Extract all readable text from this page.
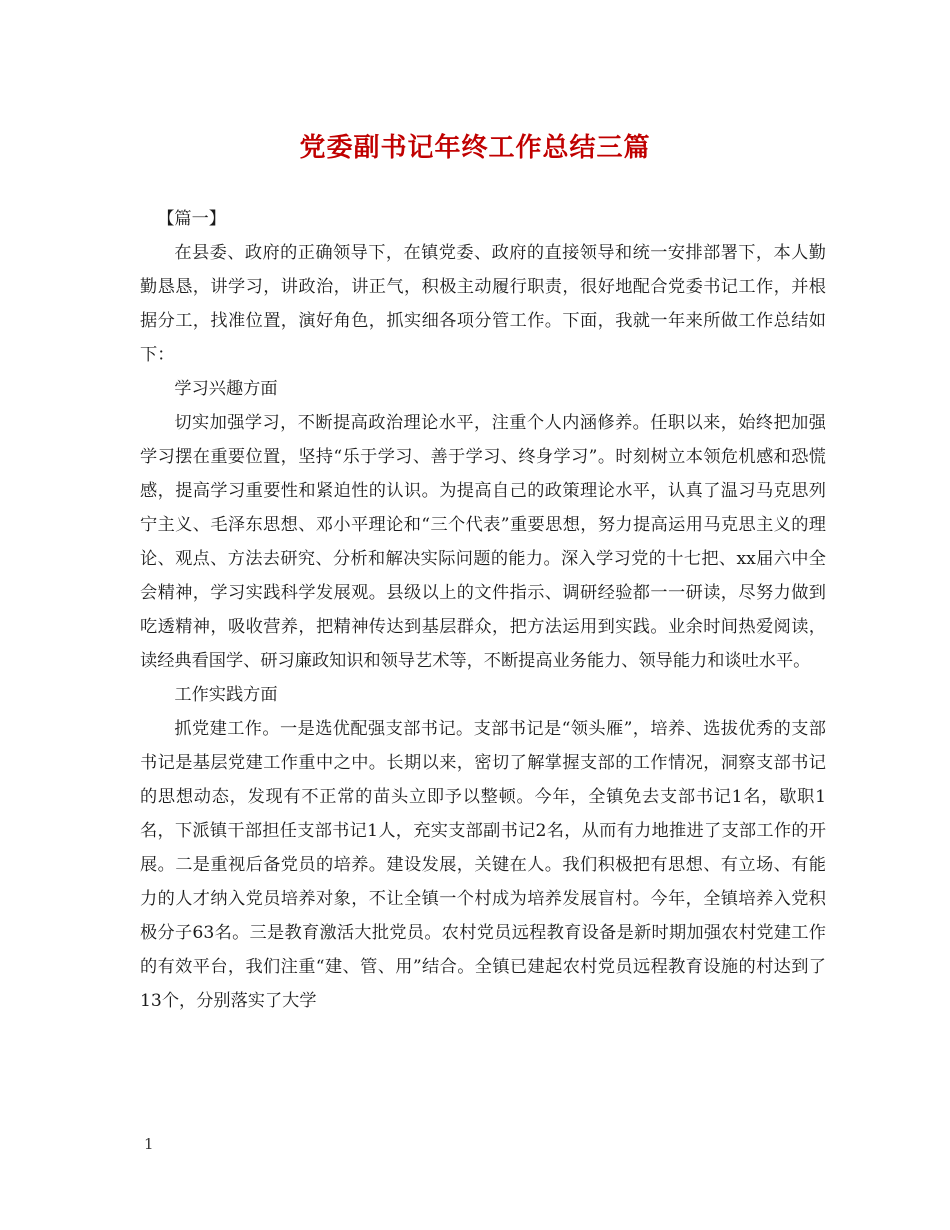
党委副书记年终工作总结三篇

【篇一】

在县委、政府的正确领导下，在镇党委、政府的直接领导和统一安排部署下，本人勤勤恳恳，讲学习，讲政治，讲正气，积极主动履行职责，很好地配合党委书记工作，并根据分工，找准位置，演好角色，抓实细各项分管工作。下面，我就一年来所做工作总结如下：

学习兴趣方面

切实加强学习，不断提高政治理论水平，注重个人内涵修养。任职以来，始终把加强学习摆在重要位置，坚持“乐于学习、善于学习、终身学习”。时刻树立本领危机感和恐慌感，提高学习重要性和紧迫性的认识。为提高自己的政策理论水平，认真了温习马克思列宁主义、毛泽东思想、邓小平理论和“三个代表”重要思想，努力提高运用马克思主义的理论、观点、方法去研究、分析和解决实际问题的能力。深入学习党的十七把、xx届六中全会精神，学习实践科学发展观。县级以上的文件指示、调研经验都一一研读，尽努力做到吃透精神，吸收营养，把精神传达到基层群众，把方法运用到实践。业余时间热爱阅读，读经典看国学、研习廉政知识和领导艺术等，不断提高业务能力、领导能力和谈吐水平。

工作实践方面

抓党建工作。一是选优配强支部书记。支部书记是“领头雁”，培养、选拔优秀的支部书记是基层党建工作重中之中。长期以来，密切了解掌握支部的工作情况，洞察支部书记的思想动态，发现有不正常的苗头立即予以整顿。今年，全镇免去支部书记1名，歇职1名，下派镇干部担任支部书记1人，充实支部副书记2名，从而有力地推进了支部工作的开展。二是重视后备党员的培养。建设发展，关键在人。我们积极把有思想、有立场、有能力的人才纳入党员培养对象，不让全镇一个村成为培养发展盲村。今年，全镇培养入党积极分子63名。三是教育激活大批党员。农村党员远程教育设备是新时期加强农村党建工作的有效平台，我们注重“建、管、用”结合。全镇已建起农村党员远程教育设施的村达到了13个，分别落实了大学

1
